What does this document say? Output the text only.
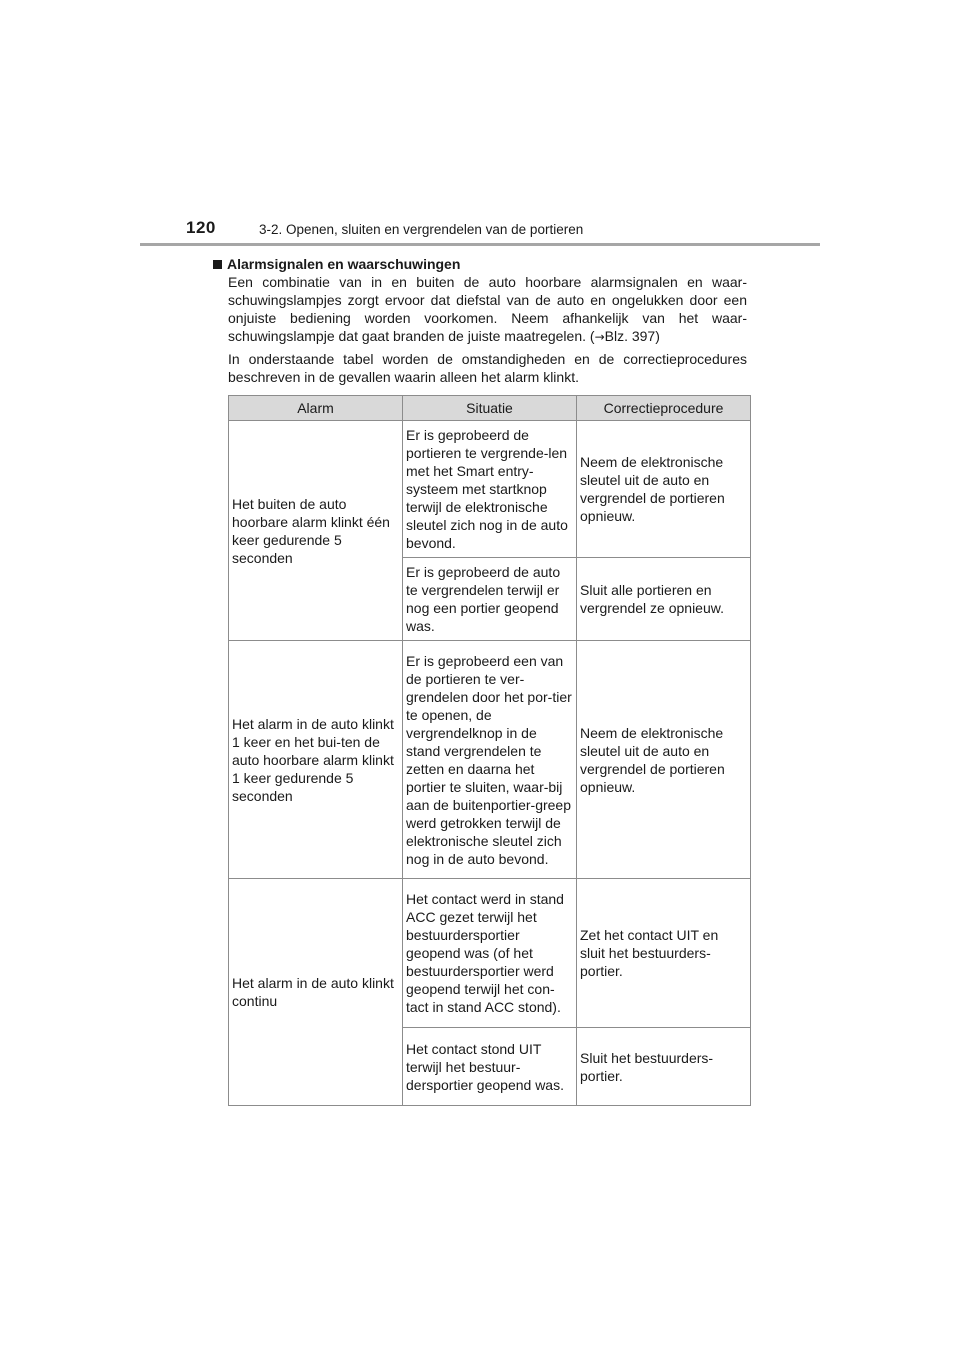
120	3-2. Openen, sluiten en vergrendelen van de portieren
Alarmsignalen en waarschuwingen

Een combinatie van in en buiten de auto hoorbare alarmsignalen en waar-schuwingslampjes zorgt ervoor dat diefstal van de auto en ongelukken door een onjuiste bediening worden voorkomen. Neem afhankelijk van het waar-schuwingslampje dat gaat branden de juiste maatregelen. (→Blz. 397)

In onderstaande tabel worden de omstandigheden en de correctieprocedures beschreven in de gevallen waarin alleen het alarm klinkt.

Alarm	Situatie	Correctieprocedure
Het buiten de auto hoorbare alarm klinkt één keer gedurende 5 seconden	Er is geprobeerd de portieren te vergrende-len met het Smart entry-systeem met startknop terwijl de elektronische sleutel zich nog in de auto bevond.	Neem de elektronische sleutel uit de auto en vergrendel de portieren opnieuw.
	Er is geprobeerd de auto te vergrendelen terwijl er nog een portier geopend was.	Sluit alle portieren en vergrendel ze opnieuw.
Het alarm in de auto klinkt 1 keer en het bui-ten de auto hoorbare alarm klinkt 1 keer gedurende 5 seconden	Er is geprobeerd een van de portieren te ver-grendelen door het por-tier te openen, de vergrendelknop in de stand vergrendelen te zetten en daarna het portier te sluiten, waar-bij aan de buitenportier-greep werd getrokken terwijl de elektronische sleutel zich nog in de auto bevond.	Neem de elektronische sleutel uit de auto en vergrendel de portieren opnieuw.
Het alarm in de auto klinkt continu	Het contact werd in stand ACC gezet terwijl het bestuurdersportier geopend was (of het bestuurdersportier werd geopend terwijl het con-tact in stand ACC stond).	Zet het contact UIT en sluit het bestuurders-portier.
	Het contact stond UIT terwijl het bestuur-dersportier geopend was.	Sluit het bestuurders-portier.
